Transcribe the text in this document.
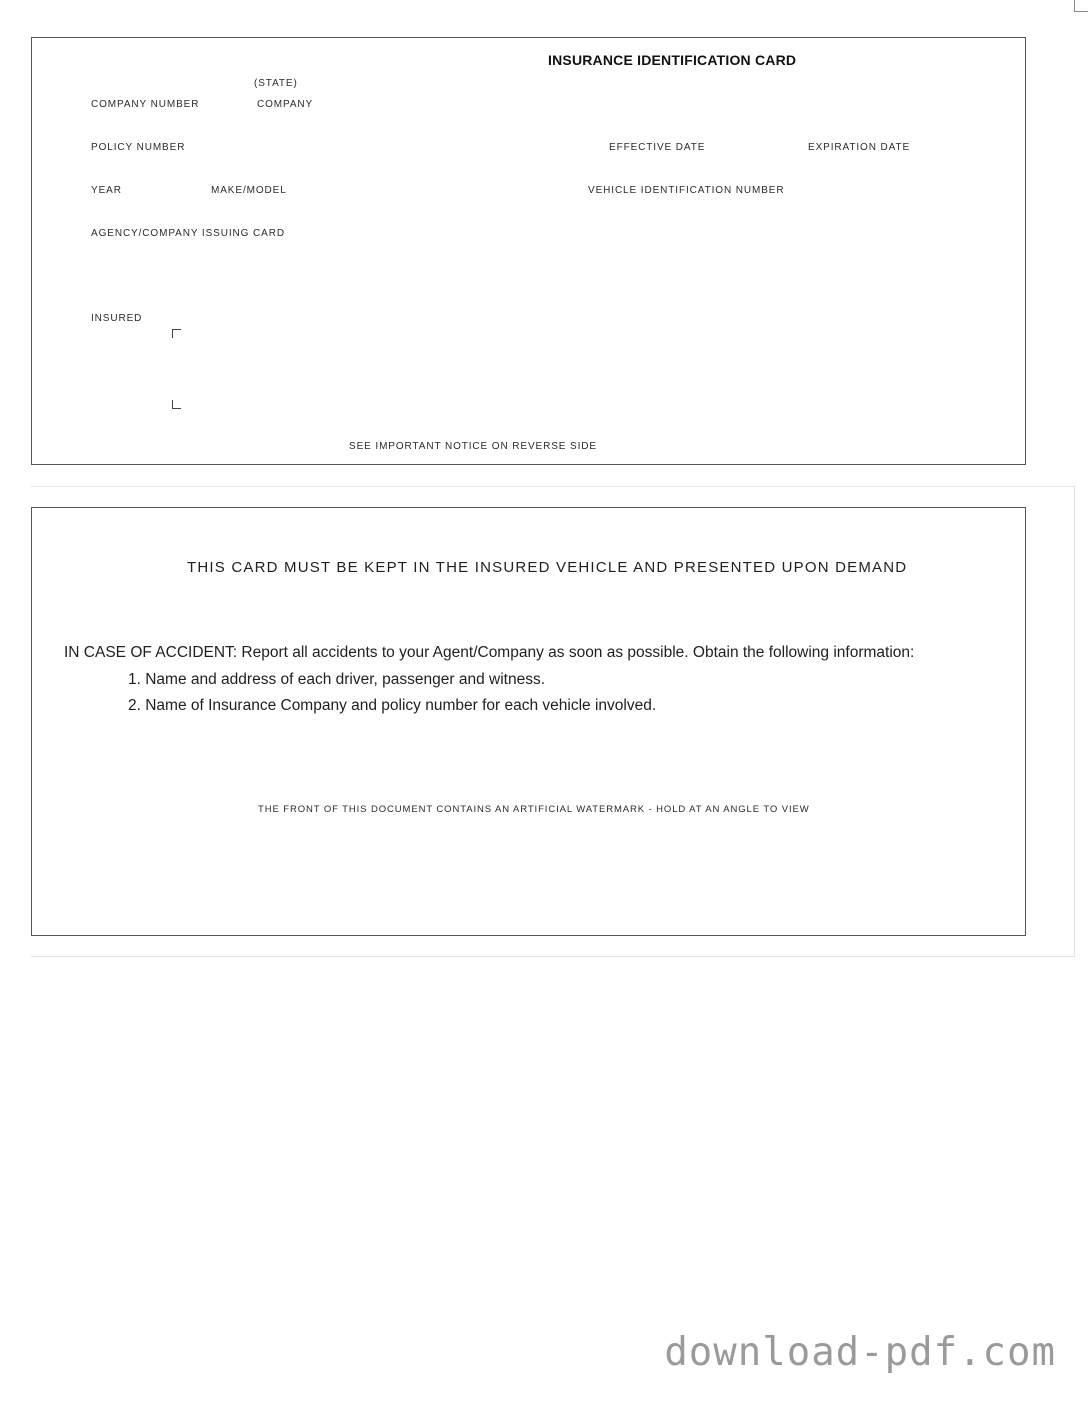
INSURANCE IDENTIFICATION CARD
(STATE)
COMPANY NUMBER	COMPANY
POLICY NUMBER	EFFECTIVE DATE	EXPIRATION DATE
YEAR	MAKE/MODEL	VEHICLE IDENTIFICATION NUMBER
AGENCY/COMPANY ISSUING CARD
INSURED
SEE IMPORTANT NOTICE ON REVERSE SIDE
THIS CARD MUST BE KEPT IN THE INSURED VEHICLE AND PRESENTED UPON DEMAND
IN CASE OF ACCIDENT: Report all accidents to your Agent/Company as soon as possible. Obtain the following information:
1. Name and address of each driver, passenger and witness.
2. Name of Insurance Company and policy number for each vehicle involved.
THE FRONT OF THIS DOCUMENT CONTAINS AN ARTIFICIAL WATERMARK - HOLD AT AN ANGLE TO VIEW
download-pdf.com
